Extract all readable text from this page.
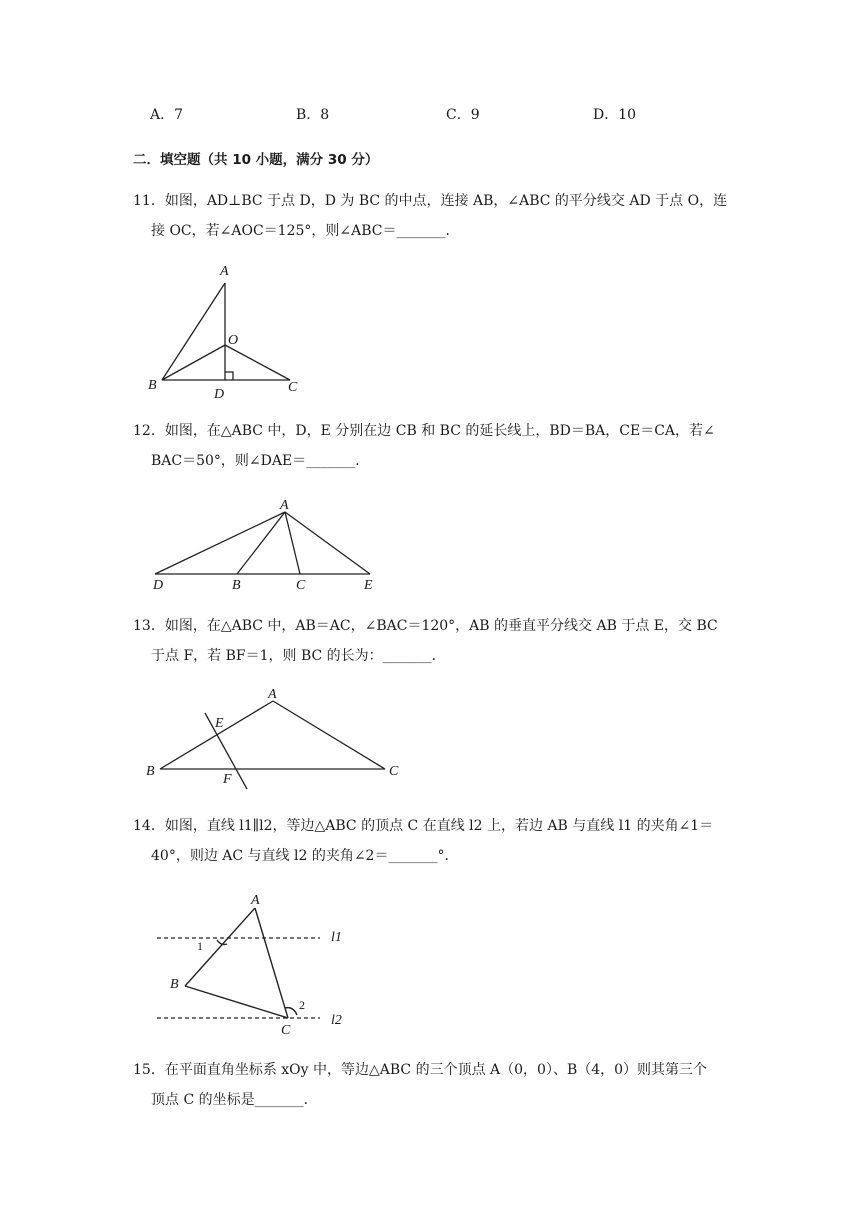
A．7	B．8	C．9	D．10
二．填空题（共 10 小题，满分 30 分）
11．如图，AD⊥BC 于点 D，D 为 BC 的中点，连接 AB，∠ABC 的平分线交 AD 于点 O，连
接 OC，若∠AOC＝125°，则∠ABC＝_______．
A
O
B
D	C
12．如图，在△ABC 中，D，E 分别在边 CB 和 BC 的延长线上，BD＝BA，CE＝CA，若∠
BAC＝50°，则∠DAE＝_______．
A
D	B	C	E
13．如图，在△ABC 中，AB＝AC，∠BAC＝120°，AB 的垂直平分线交 AB 于点 E，交 BC
于点 F，若 BF＝1，则 BC 的长为：_______．
A
E
B
F
C
14．如图，直线 l1∥l2，等边△ABC 的顶点 C 在直线 l2 上，若边 AB 与直线 l1 的夹角∠1＝
40°，则边 AC 与直线 l2 的夹角∠2＝_______°．
A
B
C
1
2
l1
l2
15．在平面直角坐标系 xOy 中，等边△ABC 的三个顶点 A（0，0）、B（4，0）则其第三个
顶点 C 的坐标是_______．
